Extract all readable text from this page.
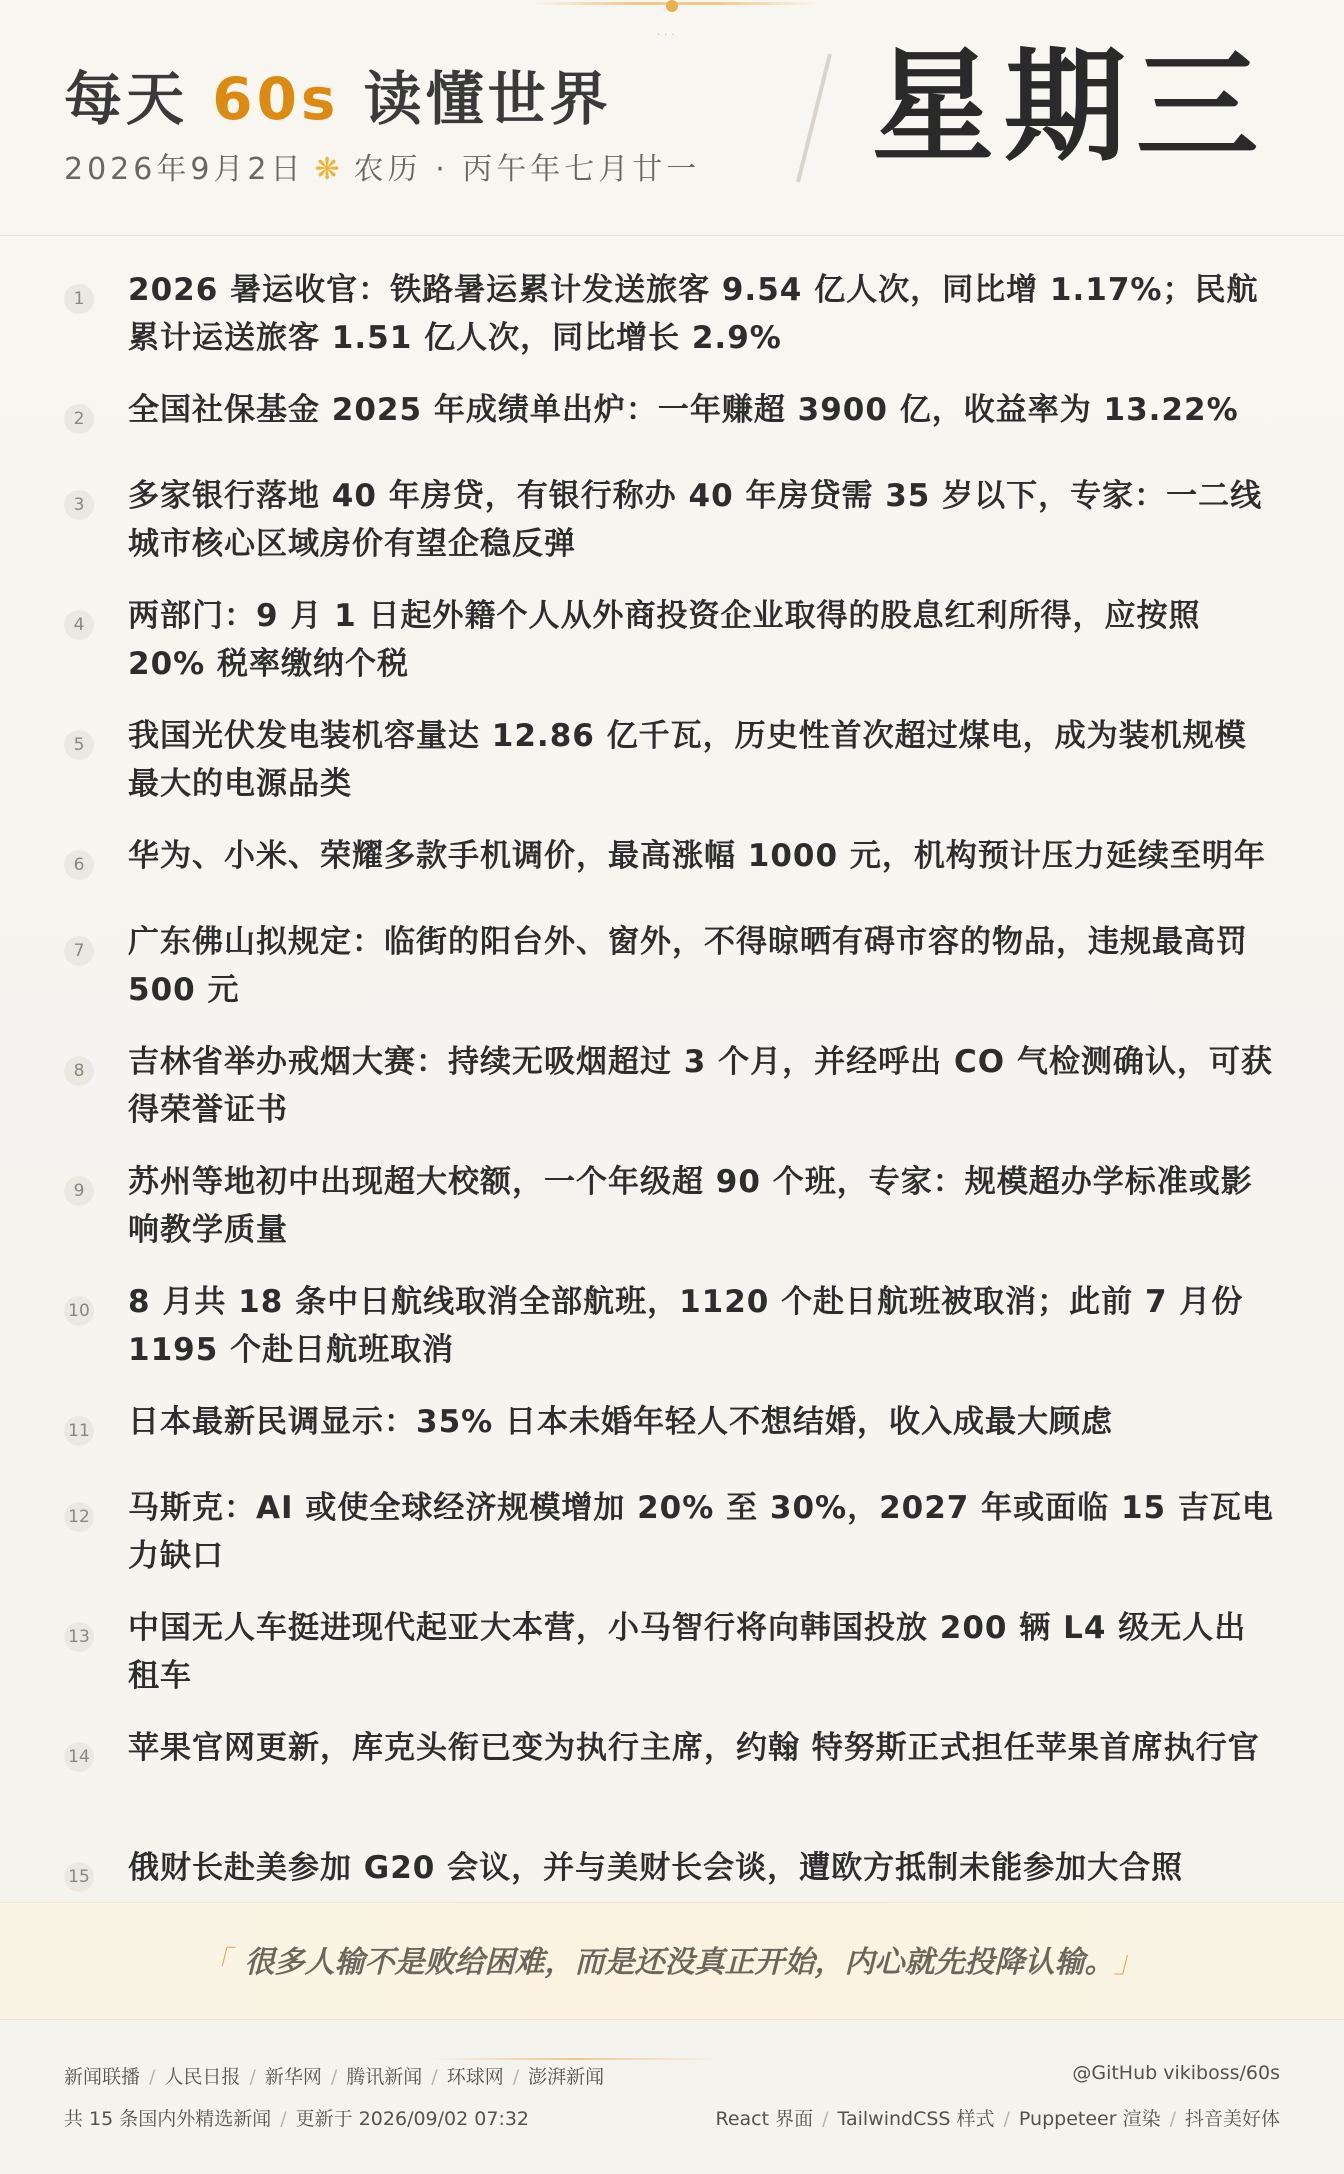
···
每天 60s 读懂世界
2026年9月2日 ❋ 农历 · 丙午年七月廿一 星期三
1	2026 暑运收官：铁路暑运累计发送旅客 9.54 亿人次，同比增 1.17%；民航累计运送旅客 1.51 亿人次，同比增长 2.9%
2	全国社保基金 2025 年成绩单出炉：一年赚超 3900 亿，收益率为 13.22%
3	多家银行落地 40 年房贷，有银行称办 40 年房贷需 35 岁以下，专家：一二线城市核心区域房价有望企稳反弹
4	两部门：9 月 1 日起外籍个人从外商投资企业取得的股息红利所得，应按照 20% 税率缴纳个税
5	我国光伏发电装机容量达 12.86 亿千瓦，历史性首次超过煤电，成为装机规模最大的电源品类
6	华为、小米、荣耀多款手机调价，最高涨幅 1000 元，机构预计压力延续至明年
7	广东佛山拟规定：临街的阳台外、窗外，不得晾晒有碍市容的物品，违规最高罚 500 元
8	吉林省举办戒烟大赛：持续无吸烟超过 3 个月，并经呼出 CO 气检测确认，可获得荣誉证书
9	苏州等地初中出现超大校额，一个年级超 90 个班，专家：规模超办学标准或影响教学质量
10 8 月共 18 条中日航线取消全部航班，1120 个赴日航班被取消；此前 7 月份 1195 个赴日航班取消
11 日本最新民调显示：35% 日本未婚年轻人不想结婚，收入成最大顾虑
12 马斯克：AI 或使全球经济规模增加 20% 至 30%，2027 年或面临 15 吉瓦电力缺口
13 中国无人车挺进现代起亚大本营，小马智行将向韩国投放 200 辆 L4 级无人出租车
14 苹果官网更新，库克头衔已变为执行主席，约翰 特努斯正式担任苹果首席执行官
15 俄财长赴美参加 G20 会议，并与美财长会谈，遭欧方抵制未能参加大合照
「 很多人输不是败给困难，而是还没真正开始，内心就先投降认输。 」
新闻联播 / 人民日报 / 新华网 / 腾讯新闻 / 环球网 / 澎湃新闻
共 15 条国内外精选新闻 / 更新于 2026/09/02 07:32
@GitHub vikiboss/60s
React 界面 / TailwindCSS 样式 / Puppeteer 渲染 / 抖音美好体
